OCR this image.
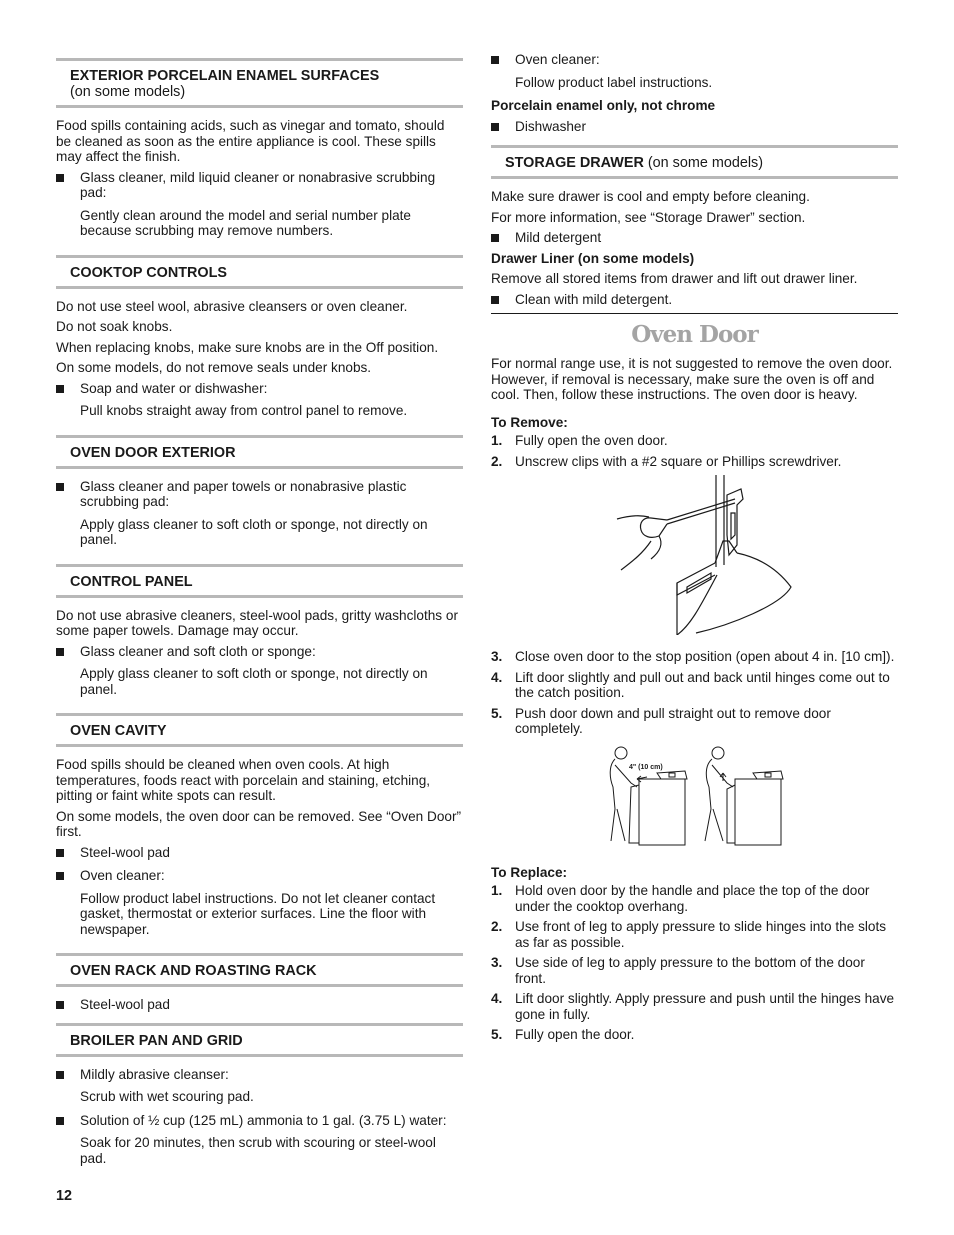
EXTERIOR PORCELAIN ENAMEL SURFACES
(on some models)

Food spills containing acids, such as vinegar and tomato, should be cleaned as soon as the entire appliance is cool. These spills may affect the finish.

Glass cleaner, mild liquid cleaner or nonabrasive scrubbing pad:
Gently clean around the model and serial number plate because scrubbing may remove numbers.
COOKTOP CONTROLS

Do not use steel wool, abrasive cleansers or oven cleaner.

Do not soak knobs.

When replacing knobs, make sure knobs are in the Off position.

On some models, do not remove seals under knobs.

Soap and water or dishwasher:
Pull knobs straight away from control panel to remove.
OVEN DOOR EXTERIOR
Glass cleaner and paper towels or nonabrasive plastic scrubbing pad:
Apply glass cleaner to soft cloth or sponge, not directly on panel.
CONTROL PANEL

Do not use abrasive cleaners, steel-wool pads, gritty washcloths or some paper towels. Damage may occur.

Glass cleaner and soft cloth or sponge:
Apply glass cleaner to soft cloth or sponge, not directly on panel.
OVEN CAVITY

Food spills should be cleaned when oven cools. At high temperatures, foods react with porcelain and staining, etching, pitting or faint white spots can result.

On some models, the oven door can be removed. See “Oven Door” first.

Steel-wool pad
Oven cleaner:
Follow product label instructions. Do not let cleaner contact gasket, thermostat or exterior surfaces. Line the floor with newspaper.
OVEN RACK AND ROASTING RACK
Steel-wool pad
BROILER PAN AND GRID
Mildly abrasive cleanser:
Scrub with wet scouring pad.
Solution of ½ cup (125 mL) ammonia to 1 gal. (3.75 L) water:
Soak for 20 minutes, then scrub with scouring or steel-wool pad.
Oven cleaner:
Follow product label instructions.
Porcelain enamel only, not chrome
Dishwasher
STORAGE DRAWER (on some models)

Make sure drawer is cool and empty before cleaning.

For more information, see “Storage Drawer” section.

Mild detergent
Drawer Liner (on some models)

Remove all stored items from drawer and lift out drawer liner.

Clean with mild detergent.
Oven Door

For normal range use, it is not suggested to remove the oven door. However, if removal is necessary, make sure the oven is off and cool. Then, follow these instructions. The oven door is heavy.

To Remove:
1. Fully open the oven door.
2. Unscrew clips with a #2 square or Phillips screwdriver.
3. Close oven door to the stop position (open about 4 in. [10 cm]).
4. Lift door slightly and pull out and back until hinges come out to the catch position.
5. Push door down and pull straight out to remove door completely.
4" (10 cm)
To Replace:
1. Hold oven door by the handle and place the top of the door under the cooktop overhang.
2. Use front of leg to apply pressure to slide hinges into the slots as far as possible.
3. Use side of leg to apply pressure to the bottom of the door front.
4. Lift door slightly. Apply pressure and push until the hinges have gone in fully.
5. Fully open the door.
12
